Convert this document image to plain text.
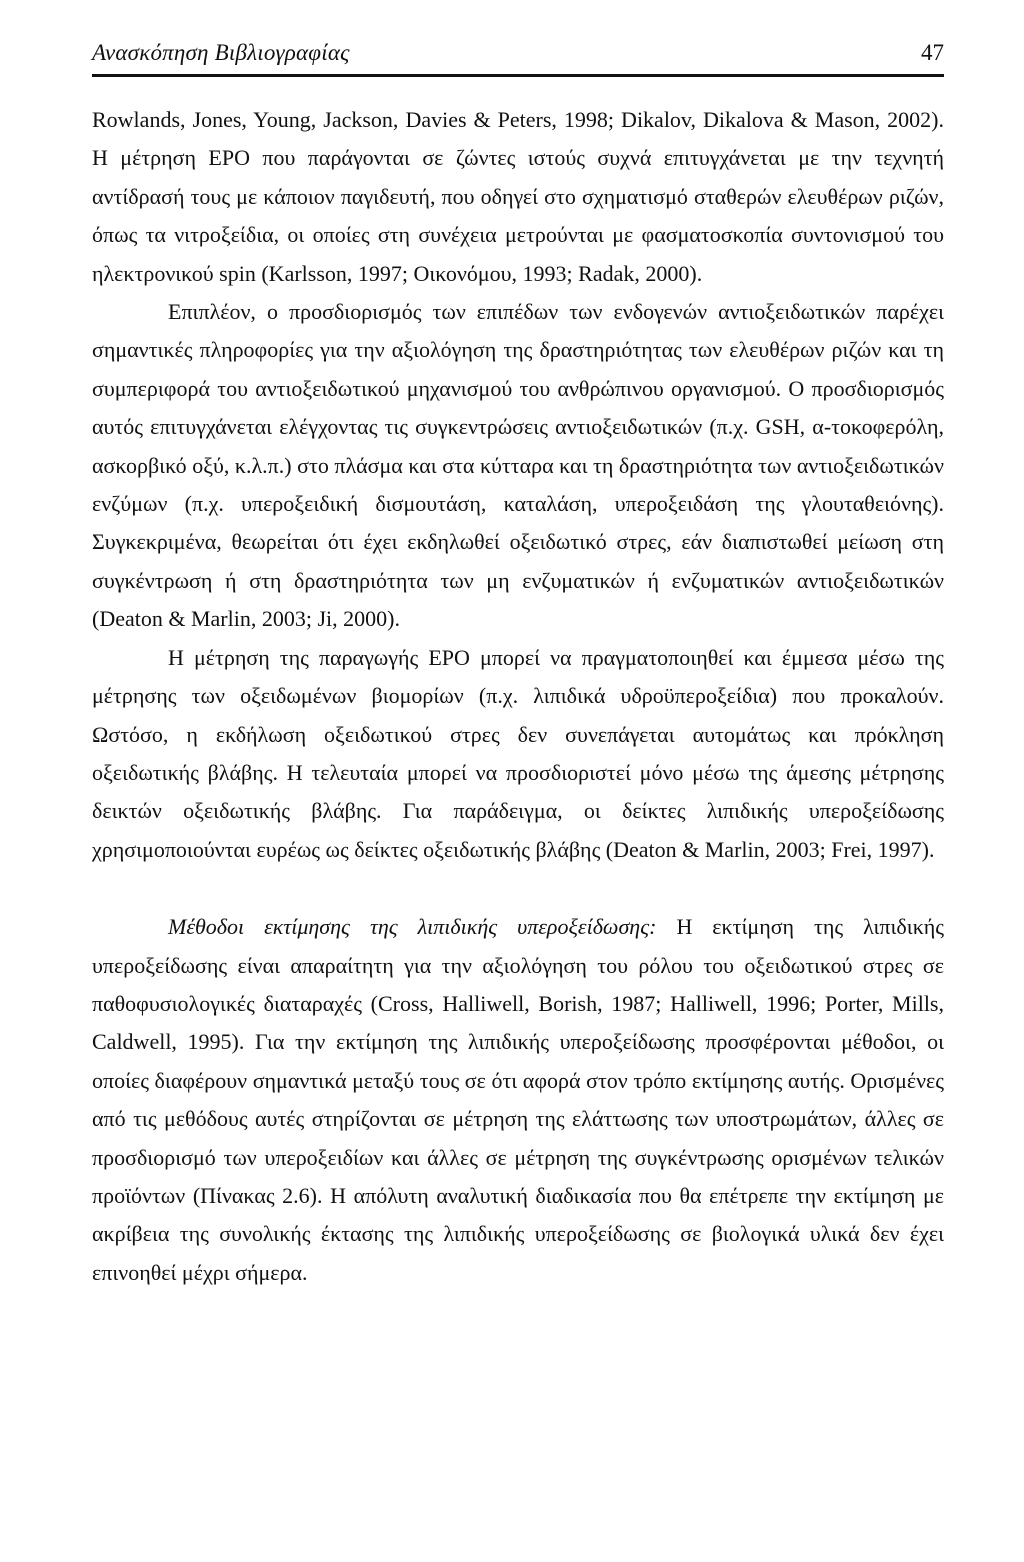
Ανασκόπηση Βιβλιογραφίας	47

Rowlands, Jones, Young, Jackson, Davies & Peters, 1998; Dikalov, Dikalova & Mason, 2002). Η μέτρηση ΕΡΟ που παράγονται σε ζώντες ιστούς συχνά επιτυγχάνεται με την τεχνητή αντίδρασή τους με κάποιον παγιδευτή, που οδηγεί στο σχηματισμό σταθερών ελευθέρων ριζών, όπως τα νιτροξείδια, οι οποίες στη συνέχεια μετρούνται με φασματοσκοπία συντονισμού του ηλεκτρονικού spin (Karlsson, 1997; Οικονόμου, 1993; Radak, 2000).

Επιπλέον, ο προσδιορισμός των επιπέδων των ενδογενών αντιοξειδωτικών παρέχει σημαντικές πληροφορίες για την αξιολόγηση της δραστηριότητας των ελευθέρων ριζών και τη συμπεριφορά του αντιοξειδωτικού μηχανισμού του ανθρώπινου οργανισμού. Ο προσδιορισμός αυτός επιτυγχάνεται ελέγχοντας τις συγκεντρώσεις αντιοξειδωτικών (π.χ. GSH, α-τοκοφερόλη, ασκορβικό οξύ, κ.λ.π.) στο πλάσμα και στα κύτταρα και τη δραστηριότητα των αντιοξειδωτικών ενζύμων (π.χ. υπεροξειδική δισμουτάση, καταλάση, υπεροξειδάση της γλουταθειόνης). Συγκεκριμένα, θεωρείται ότι έχει εκδηλωθεί οξειδωτικό στρες, εάν διαπιστωθεί μείωση στη συγκέντρωση ή στη δραστηριότητα των μη ενζυματικών ή ενζυματικών αντιοξειδωτικών (Deaton & Marlin, 2003; Ji, 2000).

Η μέτρηση της παραγωγής ΕΡΟ μπορεί να πραγματοποιηθεί και έμμεσα μέσω της μέτρησης των οξειδωμένων βιομορίων (π.χ. λιπιδικά υδροϋπεροξείδια) που προκαλούν. Ωστόσο, η εκδήλωση οξειδωτικού στρες δεν συνεπάγεται αυτομάτως και πρόκληση οξειδωτικής βλάβης. Η τελευταία μπορεί να προσδιοριστεί μόνο μέσω της άμεσης μέτρησης δεικτών οξειδωτικής βλάβης. Για παράδειγμα, οι δείκτες λιπιδικής υπεροξείδωσης χρησιμοποιούνται ευρέως ως δείκτες οξειδωτικής βλάβης (Deaton & Marlin, 2003; Frei, 1997).

Μέθοδοι εκτίμησης της λιπιδικής υπεροξείδωσης: Η εκτίμηση της λιπιδικής υπεροξείδωσης είναι απαραίτητη για την αξιολόγηση του ρόλου του οξειδωτικού στρες σε παθοφυσιολογικές διαταραχές (Cross, Halliwell, Borish, 1987; Halliwell, 1996; Porter, Mills, Caldwell, 1995). Για την εκτίμηση της λιπιδικής υπεροξείδωσης προσφέρονται μέθοδοι, οι οποίες διαφέρουν σημαντικά μεταξύ τους σε ότι αφορά στον τρόπο εκτίμησης αυτής. Ορισμένες από τις μεθόδους αυτές στηρίζονται σε μέτρηση της ελάττωσης των υποστρωμάτων, άλλες σε προσδιορισμό των υπεροξειδίων και άλλες σε μέτρηση της συγκέντρωσης ορισμένων τελικών προϊόντων (Πίνακας 2.6). Η απόλυτη αναλυτική διαδικασία που θα επέτρεπε την εκτίμηση με ακρίβεια της συνολικής έκτασης της λιπιδικής υπεροξείδωσης σε βιολογικά υλικά δεν έχει επινοηθεί μέχρι σήμερα.
